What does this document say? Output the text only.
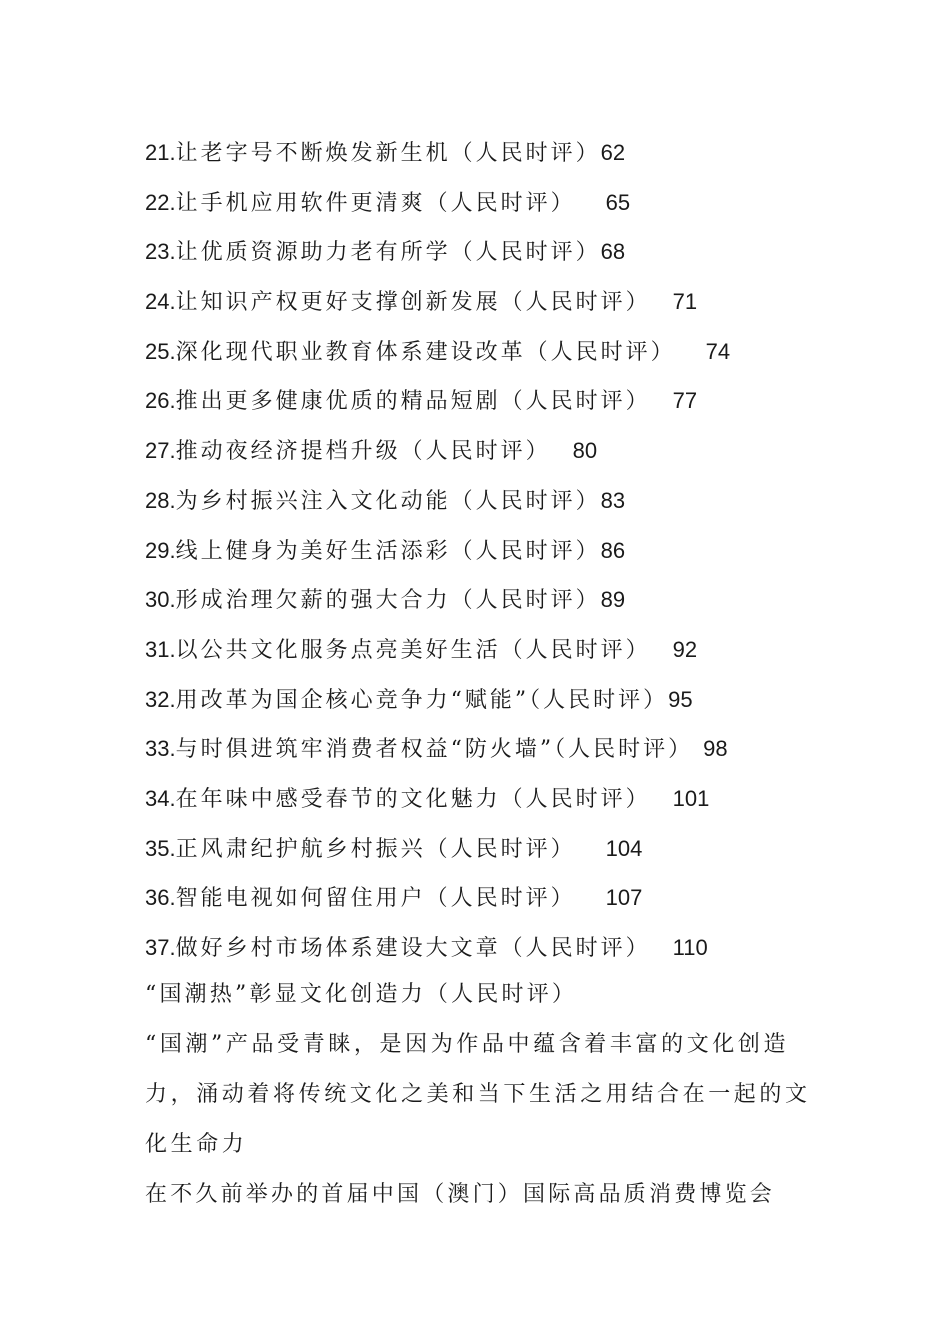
21.让老字号不断焕发新生机（人民时评）62
22.让手机应用软件更清爽（人民时评） 65
23.让优质资源助力老有所学（人民时评）68
24.让知识产权更好支撑创新发展（人民时评） 71
25.深化现代职业教育体系建设改革（人民时评） 74
26.推出更多健康优质的精品短剧（人民时评） 77
27.推动夜经济提档升级（人民时评） 80
28.为乡村振兴注入文化动能（人民时评）83
29.线上健身为美好生活添彩（人民时评）86
30.形成治理欠薪的强大合力（人民时评）89
31.以公共文化服务点亮美好生活（人民时评） 92
32.用改革为国企核心竞争力“赋能”（人民时评）95
33.与时俱进筑牢消费者权益“防火墙”（人民时评） 98
34.在年味中感受春节的文化魅力（人民时评） 101
35.正风肃纪护航乡村振兴（人民时评） 104
36.智能电视如何留住用户（人民时评） 107
37.做好乡村市场体系建设大文章（人民时评） 110

“国潮热”彰显文化创造力（人民时评）

“国潮”产品受青睐，是因为作品中蕴含着丰富的文化创造力，涌动着将传统文化之美和当下生活之用结合在一起的文化生命力

在不久前举办的首届中国（澳门）国际高品质消费博览会
